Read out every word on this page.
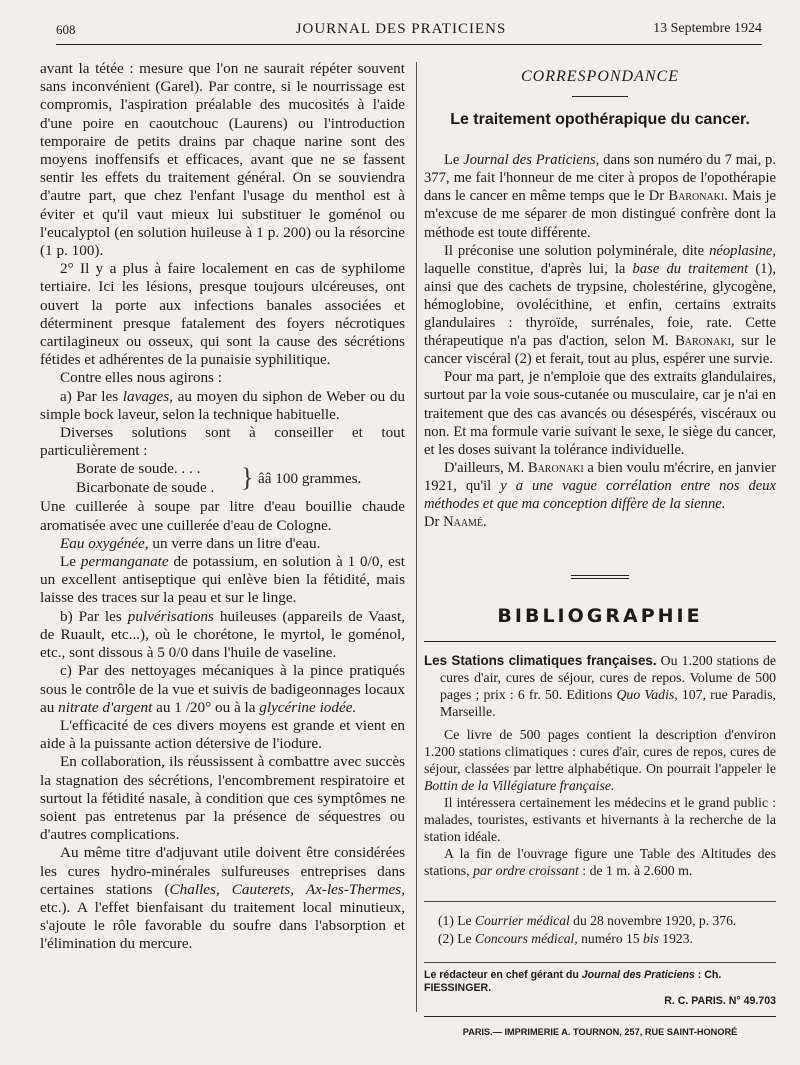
608	JOURNAL DES PRATICIENS	13 Septembre 1924

avant la tétée : mesure que l'on ne saurait répéter souvent sans inconvénient (Garel). Par contre, si le nourrissage est compromis, l'aspiration préalable des mucosités à l'aide d'une poire en caoutchouc (Laurens) ou l'introduction temporaire de petits drains par chaque narine sont des moyens inoffensifs et efficaces, avant que ne se fassent sentir les effets du traitement général. On se souviendra d'autre part, que chez l'enfant l'usage du menthol est à éviter et qu'il vaut mieux lui substituer le goménol ou l'eucalyptol (en solution huileuse à 1 p. 200) ou la résorcine (1 p. 100).

2° Il y a plus à faire localement en cas de syphilome tertiaire. Ici les lésions, presque toujours ulcéreuses, ont ouvert la porte aux infections banales associées et déterminent presque fatalement des foyers nécrotiques cartilagineux ou osseux, qui sont la cause des sécrétions fétides et adhérentes de la punaisie syphilitique.

Contre elles nous agirons :

a) Par les lavages, au moyen du siphon de Weber ou du simple bock laveur, selon la technique habituelle.

Diverses solutions sont à conseiller et tout particulièrement :

Borate de soude. . . .
Bicarbonate de soude . } ââ 100 grammes.

Une cuillerée à soupe par litre d'eau bouillie chaude aromatisée avec une cuillerée d'eau de Cologne.

Eau oxygénée, un verre dans un litre d'eau.

Le permanganate de potassium, en solution à 1 0/0, est un excellent antiseptique qui enlève bien la fétidité, mais laisse des traces sur la peau et sur le linge.

b) Par les pulvérisations huileuses (appareils de Vaast, de Ruault, etc...), où le chorétone, le myrtol, le goménol, etc., sont dissous à 5 0/0 dans l'huile de vaseline.

c) Par des nettoyages mécaniques à la pince pratiqués sous le contrôle de la vue et suivis de badigeonnages locaux au nitrate d'argent au 1 /20° ou à la glycérine iodée.

L'efficacité de ces divers moyens est grande et vient en aide à la puissante action détersive de l'iodure.

En collaboration, ils réussissent à combattre avec succès la stagnation des sécrétions, l'encombrement respiratoire et surtout la fétidité nasale, à condition que ces symptômes ne soient pas entretenus par la présence de séquestres ou d'autres complications.

Au même titre d'adjuvant utile doivent être considérées les cures hydro-minérales sulfureuses entreprises dans certaines stations (Challes, Cauterets, Ax-les-Thermes, etc.). A l'effet bienfaisant du traitement local minutieux, s'ajoute le rôle favorable du soufre dans l'absorption et l'élimination du mercure.

CORRESPONDANCE
Le traitement opothérapique du cancer.

Le Journal des Praticiens, dans son numéro du 7 mai, p. 377, me fait l'honneur de me citer à propos de l'opothérapie dans le cancer en même temps que le Dr Baronaki. Mais je m'excuse de me séparer de mon distingué confrère dont la méthode est toute différente.

Il préconise une solution polyminérale, dite néoplasine, laquelle constitue, d'après lui, la base du traitement (1), ainsi que des cachets de trypsine, cholestérine, glycogène, hémoglobine, ovolécithine, et enfin, certains extraits glandulaires : thyroïde, surrénales, foie, rate. Cette thérapeutique n'a pas d'action, selon M. Baronaki, sur le cancer viscéral (2) et ferait, tout au plus, espérer une survie.

Pour ma part, je n'emploie que des extraits glandulaires, surtout par la voie sous-cutanée ou musculaire, car je n'ai en traitement que des cas avancés ou désespérés, viscéraux ou non. Et ma formule varie suivant le sexe, le siège du cancer, et les doses suivant la tolérance individuelle.

D'ailleurs, M. Baronaki a bien voulu m'écrire, en janvier 1921, qu'il y a une vague corrélation entre nos deux méthodes et que ma conception diffère de la sienne.

Dr Naamé.

BIBLIOGRAPHIE

Les Stations climatiques françaises. Ou 1.200 stations de cures d'air, cures de séjour, cures de repos. Volume de 500 pages ; prix : 6 fr. 50. Editions Quo Vadis, 107, rue Paradis, Marseille.

Ce livre de 500 pages contient la description d'environ 1.200 stations climatiques : cures d'air, cures de repos, cures de séjour, classées par lettre alphabétique. On pourrait l'appeler le Bottin de la Villégiature française.

Il intéressera certainement les médecins et le grand public : malades, touristes, estivants et hivernants à la recherche de la station idéale.

A la fin de l'ouvrage figure une Table des Altitudes des stations, par ordre croissant : de 1 m. à 2.600 m.

(1) Le Courrier médical du 28 novembre 1920, p. 376.
(2) Le Concours médical, numéro 15 bis 1923.
Le rédacteur en chef gérant du Journal des Praticiens : Ch. FIESSINGER.
R. C. PARIS. N° 49.703
PARIS.— IMPRIMERIE A. TOURNON, 257, RUE SAINT-HONORÉ
